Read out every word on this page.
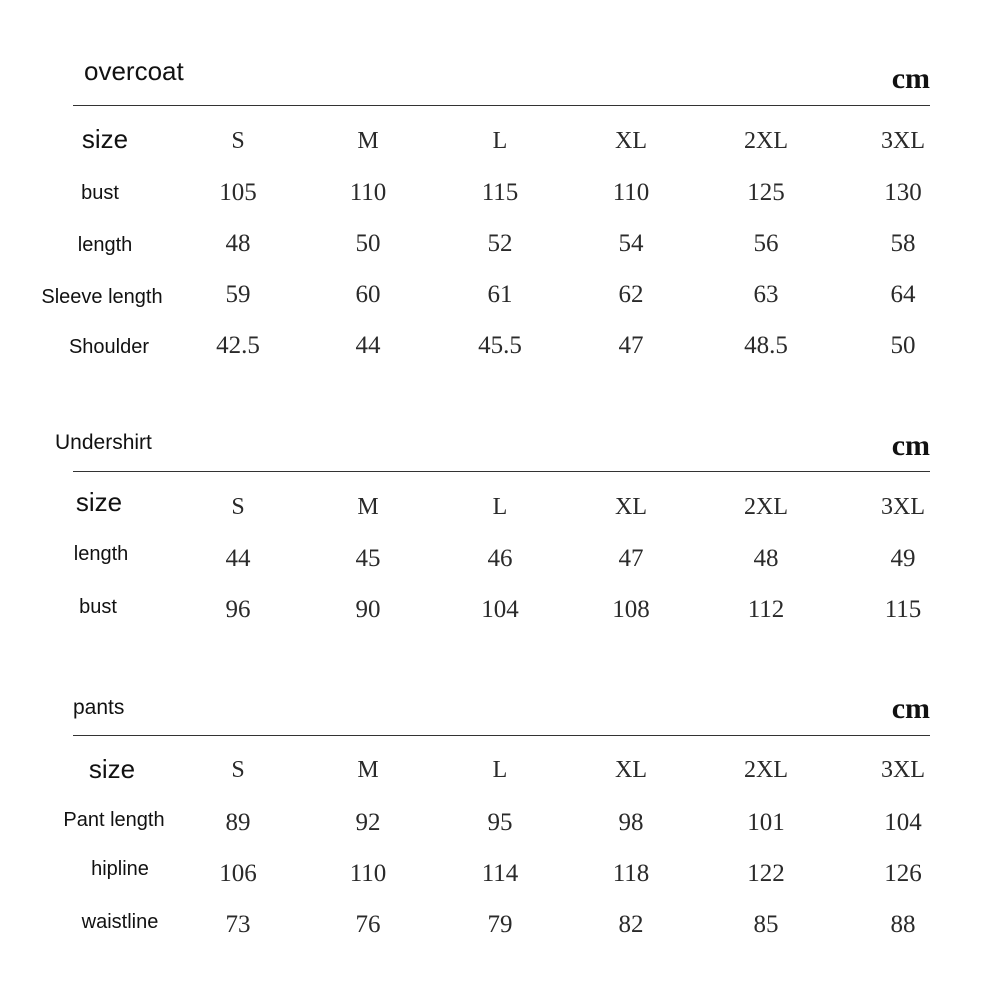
overcoat	cm
size	S	M	L	XL	2XL	3XL
bust	105	110	115	110	125	130
length	48	50	52	54	56	58
Sleeve length	59	60	61	62	63	64
Shoulder	42.5	44	45.5	47	48.5	50
Undershirt	cm
size	S	M	L	XL	2XL	3XL
length	44	45	46	47	48	49
bust	96	90	104	108	112	115
pants	cm
size	S	M	L	XL	2XL	3XL
Pant length	89	92	95	98	101	104
hipline	106	110	114	118	122	126
waistline	73	76	79	82	85	88
